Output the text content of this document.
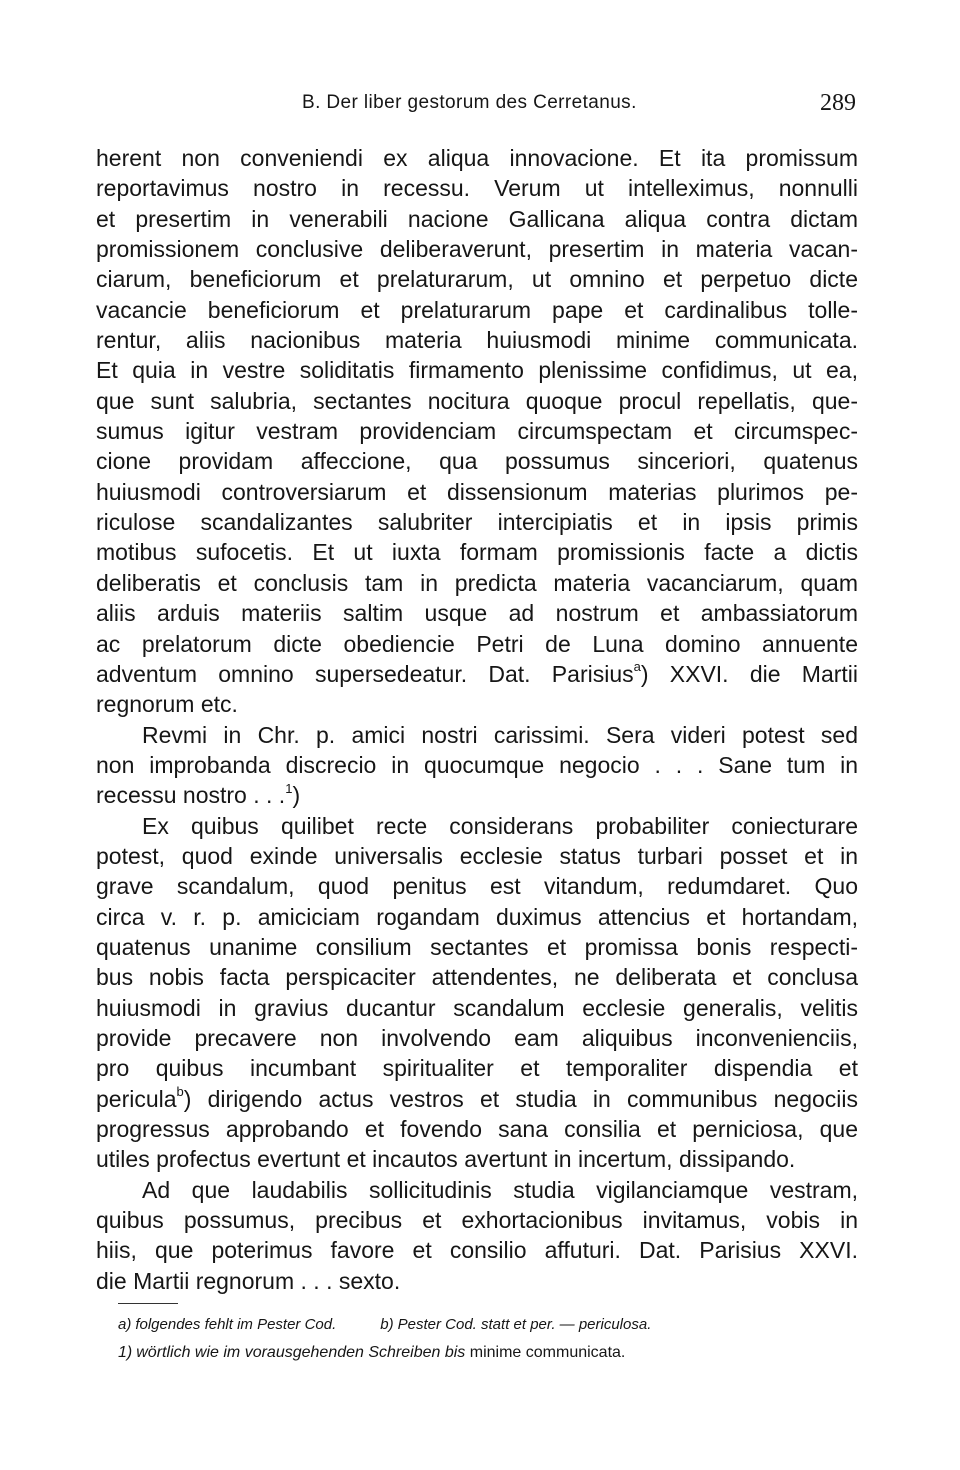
B. Der liber gestorum des Cerretanus.	289
herent non conveniendi ex aliqua innovacione. Et ita promissum
reportavimus nostro in recessu. Verum ut intelleximus, nonnulli
et presertim in venerabili nacione Gallicana aliqua contra dictam
promissionem conclusive deliberaverunt, presertim in materia vacan-
ciarum, beneficiorum et prelaturarum, ut omnino et perpetuo dicte
vacancie beneficiorum et prelaturarum pape et cardinalibus tolle-
rentur, aliis nacionibus materia huiusmodi minime communicata.
Et quia in vestre soliditatis firmamento plenissime confidimus, ut ea,
que sunt salubria, sectantes nocitura quoque procul repellatis, que-
sumus igitur vestram providenciam circumspectam et circumspec-
cione providam affeccione, qua possumus sinceriori, quatenus
huiusmodi controversiarum et dissensionum materias plurimos pe-
riculose scandalizantes salubriter intercipiatis et in ipsis primis
motibus sufocetis. Et ut iuxta formam promissionis facte a dictis
deliberatis et conclusis tam in predicta materia vacanciarum, quam
aliis arduis materiis saltim usque ad nostrum et ambassiatorum
ac prelatorum dicte obediencie Petri de Luna domino annuente
adventum omnino supersedeatur. Dat. Parisius$^a$) XXVI. die Martii
regnorum etc.
Revmi in Chr. p. amici nostri carissimi. Sera videri potest sed
non improbanda discrecio in quocumque negocio . . . Sane tum in
recessu nostro . . .$^1$)
Ex quibus quilibet recte considerans probabiliter coniecturare
potest, quod exinde universalis ecclesie status turbari posset et in
grave scandalum, quod penitus est vitandum, redumdaret. Quo
circa v. r. p. amiciciam rogandam duximus attencius et hortandam,
quatenus unanime consilium sectantes et promissa bonis respecti-
bus nobis facta perspicaciter attendentes, ne deliberata et conclusa
huiusmodi in gravius ducantur scandalum ecclesie generalis, velitis
provide precavere non involvendo eam aliquibus inconvenienciis,
pro quibus incumbant spiritualiter et temporaliter dispendia et
pericula$^b$) dirigendo actus vestros et studia in communibus negociis
progressus approbando et fovendo sana consilia et perniciosa, que
utiles profectus evertunt et incautos avertunt in incertum, dissipando.
Ad que laudabilis sollicitudinis studia vigilanciamque vestram,
quibus possumus, precibus et exhortacionibus invitamus, vobis in
hiis, que poterimus favore et consilio affuturi. Dat. Parisius XXVI.
die Martii regnorum . . . sexto.
a) folgendes fehlt im Pester Cod.	b) Pester Cod. statt et per. — periculosa.
1) wörtlich wie im vorausgehenden Schreiben bis minime communicata.
